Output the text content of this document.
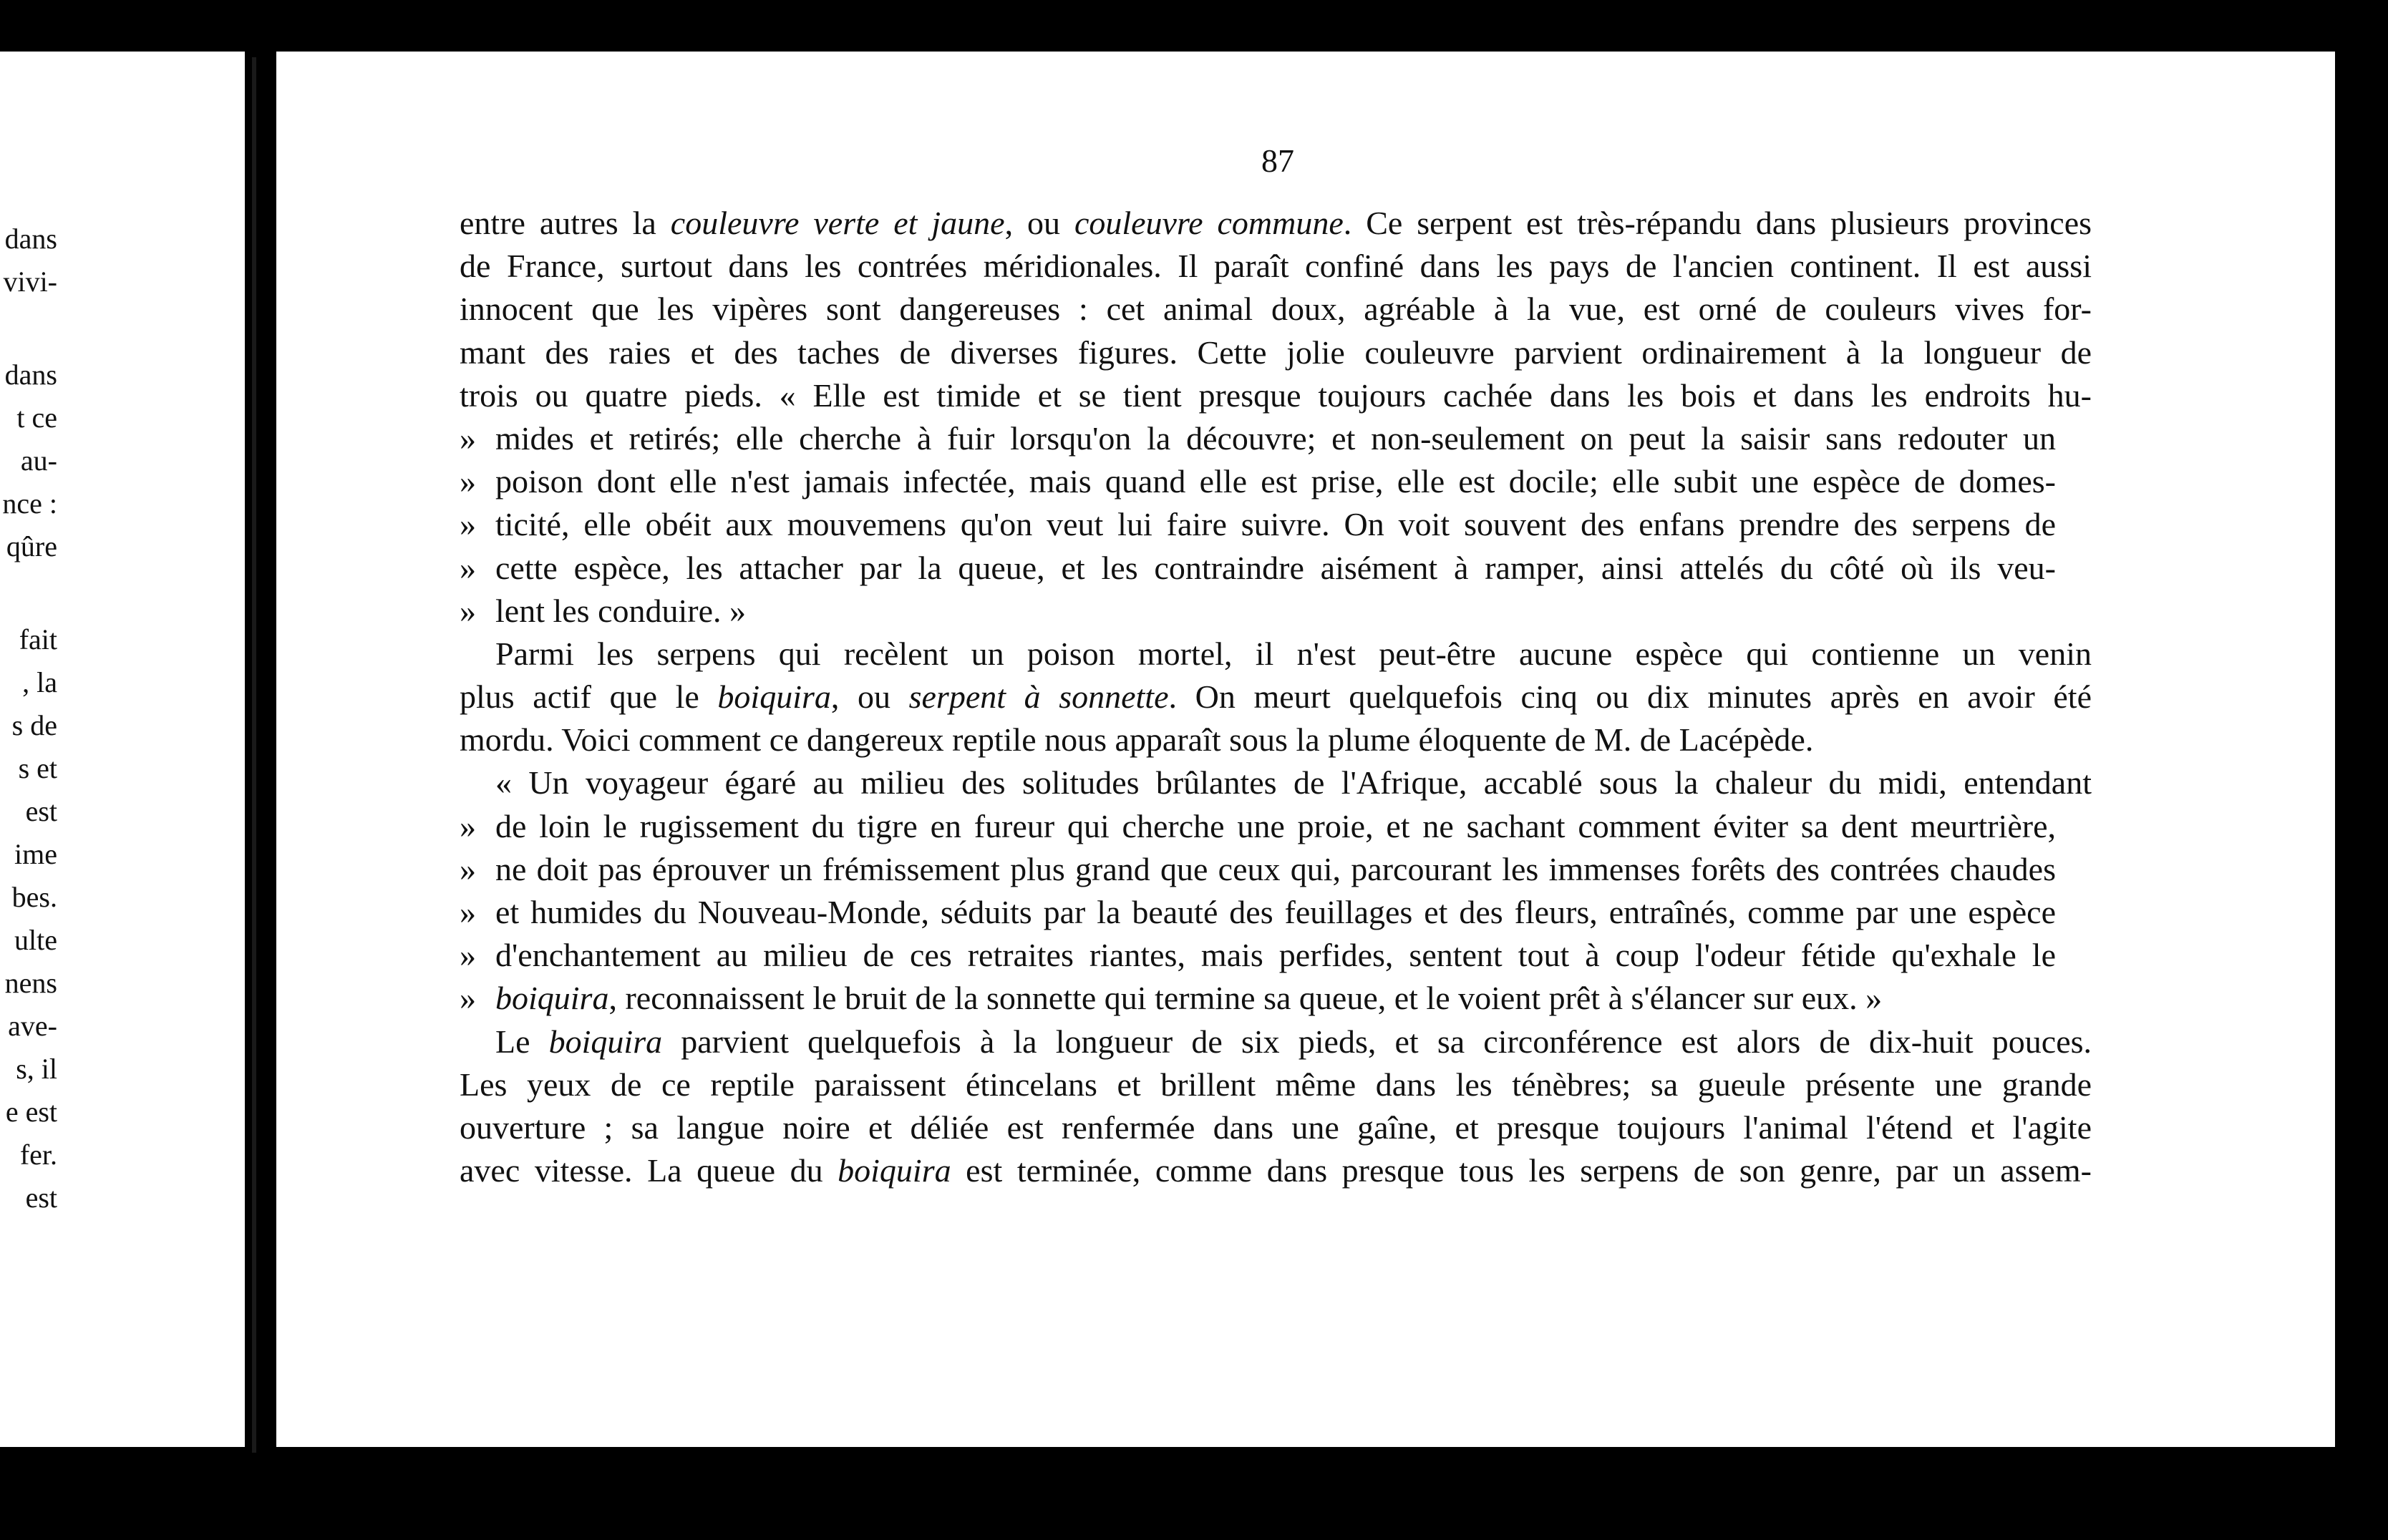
dans
vivi-
dans
t ce
au-
nce :
qûre
fait
, la
s de
s et
est
ime
bes.
ulte
nens
ave-
s, il
e est
fer.
est
87
entre autres la couleuvre verte et jaune, ou couleuvre commune. Ce serpent est très-répandu dans plusieurs provinces
de France, surtout dans les contrées méridionales. Il paraît confiné dans les pays de l'ancien continent. Il est aussi
innocent que les vipères sont dangereuses : cet animal doux, agréable à la vue, est orné de couleurs vives for-
mant des raies et des taches de diverses figures. Cette jolie couleuvre parvient ordinairement à la longueur de
trois ou quatre pieds. « Elle est timide et se tient presque toujours cachée dans les bois et dans les endroits hu-
» mides et retirés; elle cherche à fuir lorsqu'on la découvre; et non-seulement on peut la saisir sans redouter un
» poison dont elle n'est jamais infectée, mais quand elle est prise, elle est docile; elle subit une espèce de domes-
» ticité, elle obéit aux mouvemens qu'on veut lui faire suivre. On voit souvent des enfans prendre des serpens de
» cette espèce, les attacher par la queue, et les contraindre aisément à ramper, ainsi attelés du côté où ils veu-
» lent les conduire. »
Parmi les serpens qui recèlent un poison mortel, il n'est peut-être aucune espèce qui contienne un venin
plus actif que le boiquira, ou serpent à sonnette. On meurt quelquefois cinq ou dix minutes après en avoir été
mordu. Voici comment ce dangereux reptile nous apparaît sous la plume éloquente de M. de Lacépède.
« Un voyageur égaré au milieu des solitudes brûlantes de l'Afrique, accablé sous la chaleur du midi, entendant
» de loin le rugissement du tigre en fureur qui cherche une proie, et ne sachant comment éviter sa dent meurtrière,
» ne doit pas éprouver un frémissement plus grand que ceux qui, parcourant les immenses forêts des contrées chaudes
» et humides du Nouveau-Monde, séduits par la beauté des feuillages et des fleurs, entraînés, comme par une espèce
» d'enchantement au milieu de ces retraites riantes, mais perfides, sentent tout à coup l'odeur fétide qu'exhale le
» boiquira, reconnaissent le bruit de la sonnette qui termine sa queue, et le voient prêt à s'élancer sur eux. »
Le boiquira parvient quelquefois à la longueur de six pieds, et sa circonférence est alors de dix-huit pouces.
Les yeux de ce reptile paraissent étincelans et brillent même dans les ténèbres; sa gueule présente une grande
ouverture ; sa langue noire et déliée est renfermée dans une gaîne, et presque toujours l'animal l'étend et l'agite
avec vitesse. La queue du boiquira est terminée, comme dans presque tous les serpens de son genre, par un assem-
